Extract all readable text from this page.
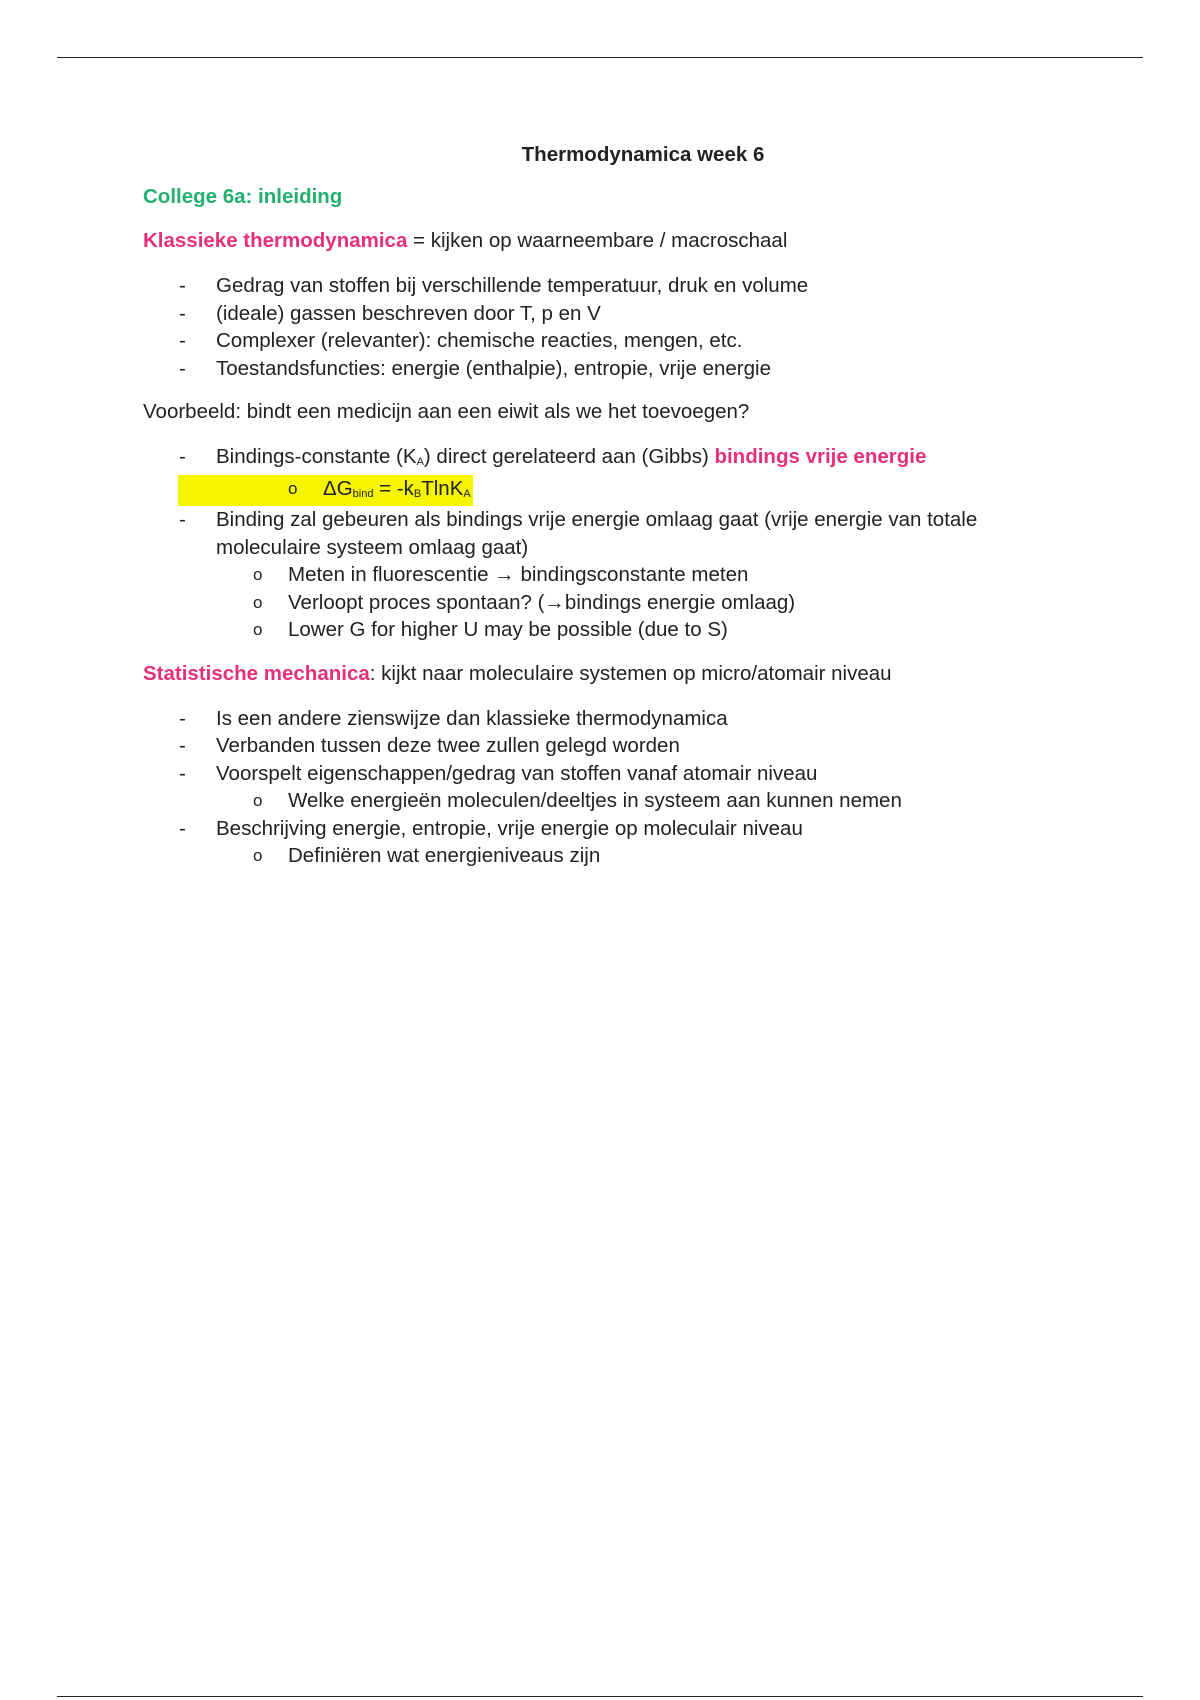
Thermodynamica week 6
College 6a: inleiding

Klassieke thermodynamica = kijken op waarneembare / macroschaal

- Gedrag van stoffen bij verschillende temperatuur, druk en volume
- (ideale) gassen beschreven door T, p en V
- Complexer (relevanter): chemische reacties, mengen, etc.
- Toestandsfuncties: energie (enthalpie), entropie, vrije energie

Voorbeeld: bindt een medicijn aan een eiwit als we het toevoegen?

- Bindings-constante $(K_A)$ direct gerelateerd aan (Gibbs) bindings vrije energie
o $\Delta G_{bind} = -k_BTlnK_A$
- Binding zal gebeuren als bindings vrije energie omlaag gaat (vrije energie van totale
moleculaire systeem omlaag gaat)
o Meten in fluorescentie → bindingsconstante meten
o Verloopt proces spontaan? (→bindings energie omlaag)
o Lower G for higher U may be possible (due to S)

Statistische mechanica: kijkt naar moleculaire systemen op micro/atomair niveau

- Is een andere zienswijze dan klassieke thermodynamica
- Verbanden tussen deze twee zullen gelegd worden
- Voorspelt eigenschappen/gedrag van stoffen vanaf atomair niveau
o Welke energieën moleculen/deeltjes in systeem aan kunnen nemen
- Beschrijving energie, entropie, vrije energie op moleculair niveau
o Definiëren wat energieniveaus zijn
